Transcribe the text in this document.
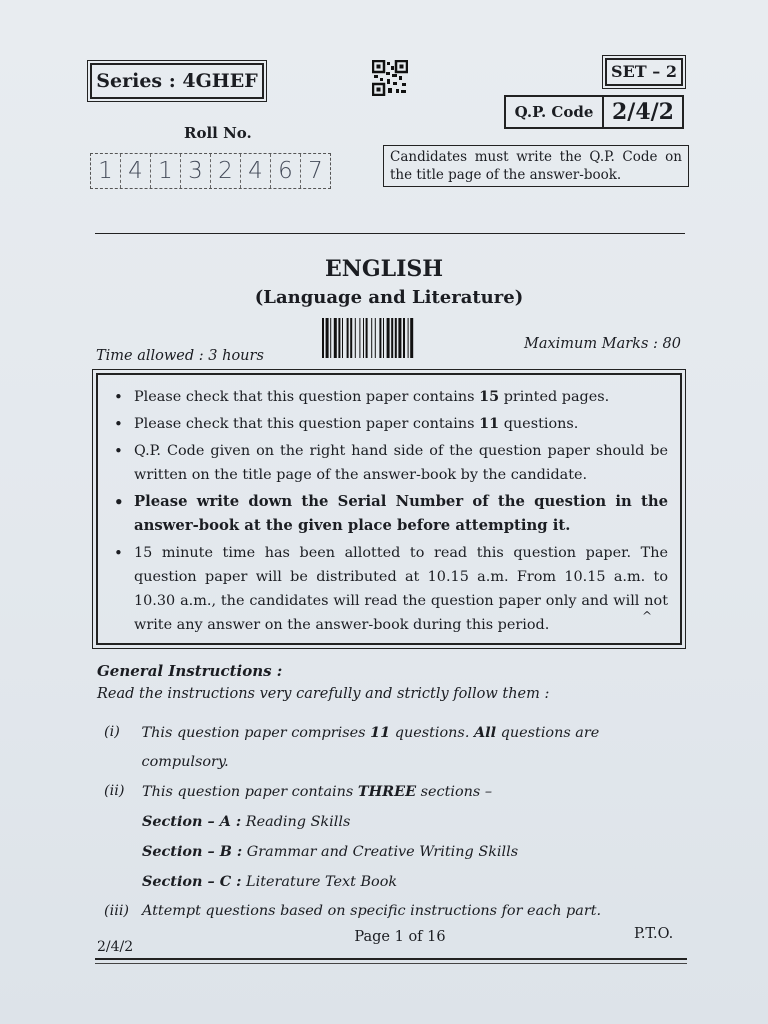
Series : 4GHEF	SET – 2
Q.P. Code 2/4/2
Roll No.
1 4 1 3 2 4 6 7
Candidates must write the Q.P. Code on the title page of the answer-book.
ENGLISH
(Language and Literature)
Time allowed : 3 hours
Maximum Marks : 80
• Please check that this question paper contains 15 printed pages.
• Please check that this question paper contains 11 questions.
• Q.P. Code given on the right hand side of the question paper should be written on the title page of the answer-book by the candidate.
• Please write down the Serial Number of the question in the answer-book at the given place before attempting it.
• 15 minute time has been allotted to read this question paper. The question paper will be distributed at 10.15 a.m. From 10.15 a.m. to 10.30 a.m., the candidates will read the question paper only and will not write any answer on the answer-book during this period.
^
General Instructions :
Read the instructions very carefully and strictly follow them :
(i)	This question paper comprises 11 questions. All questions are compulsory.
(ii)	This question paper contains THREE sections –
Section – A : Reading Skills
Section – B : Grammar and Creative Writing Skills
Section – C : Literature Text Book
(iii) Attempt questions based on specific instructions for each part.
2/4/2
Page 1 of 16	P.T.O.
